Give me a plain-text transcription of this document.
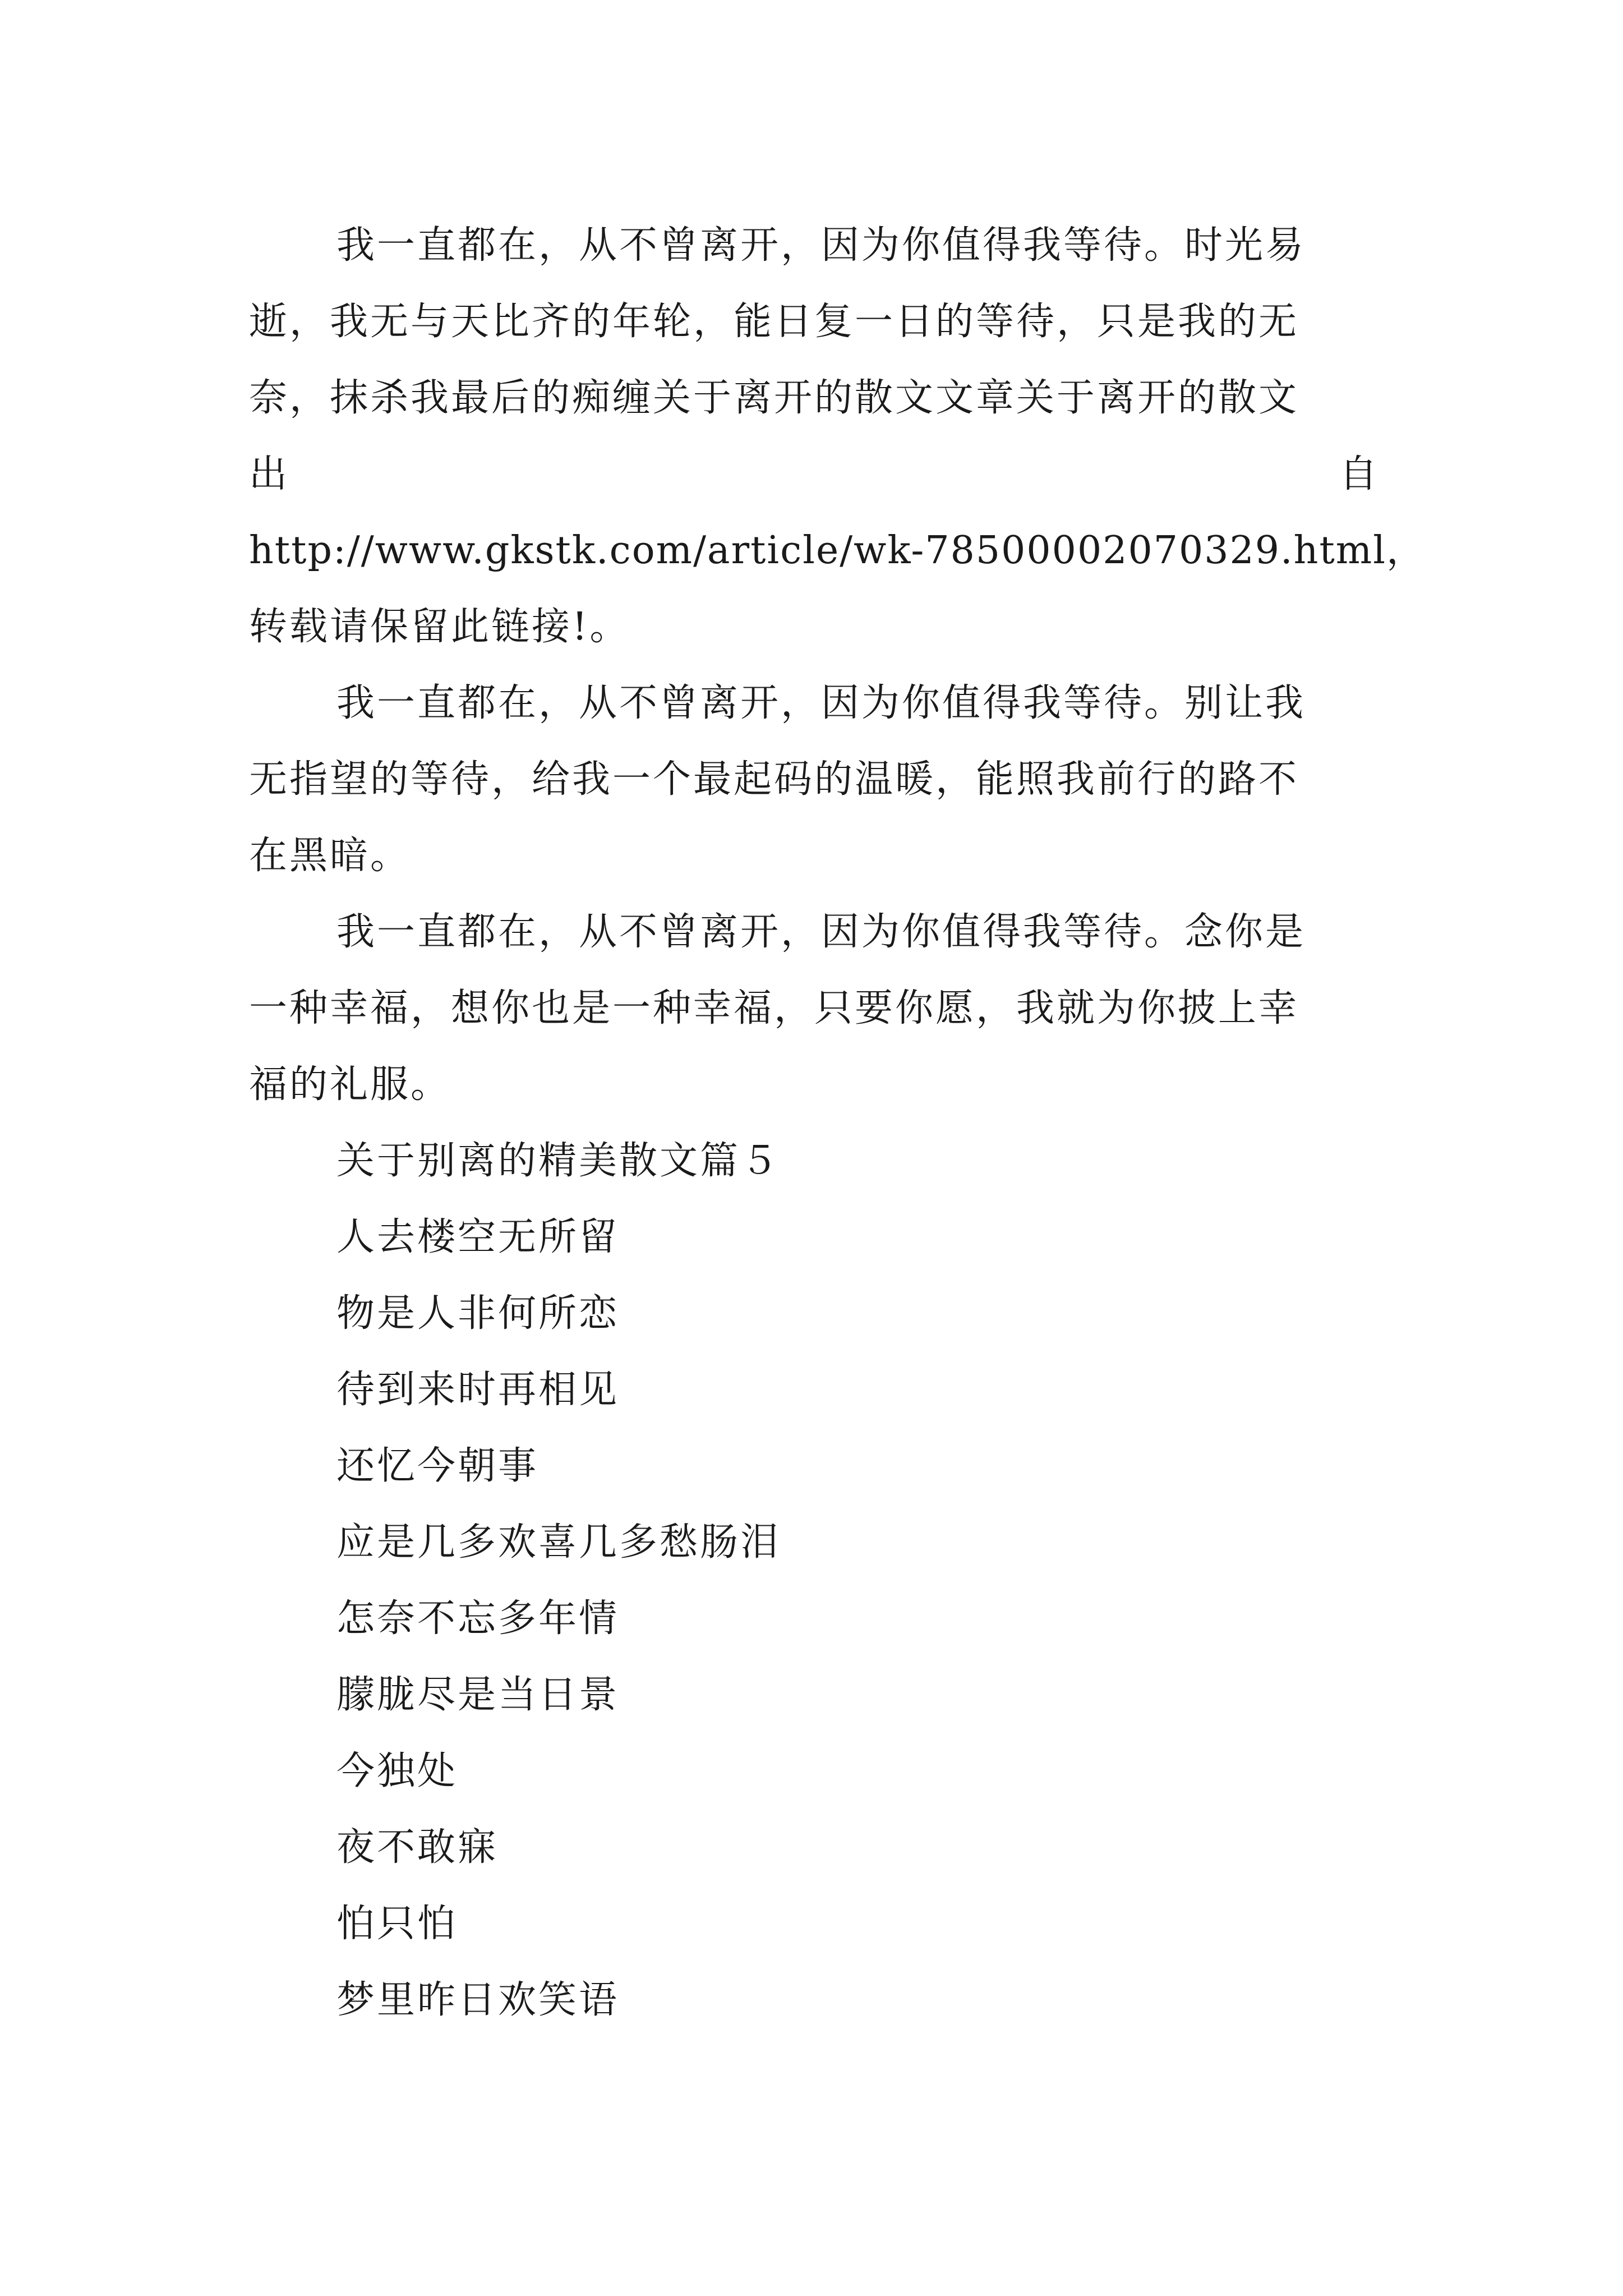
我一直都在，从不曾离开，因为你值得我等待。时光易
逝，我无与天比齐的年轮，能日复一日的等待，只是我的无
奈，抹杀我最后的痴缠关于离开的散文文章关于离开的散文
出	自
http://www.gkstk.com/article/wk-78500002070329.html，
转载请保留此链接!。
我一直都在，从不曾离开，因为你值得我等待。别让我
无指望的等待，给我一个最起码的温暖，能照我前行的路不
在黑暗。
我一直都在，从不曾离开，因为你值得我等待。念你是
一种幸福，想你也是一种幸福，只要你愿，我就为你披上幸
福的礼服。
关于别离的精美散文篇５
人去楼空无所留
物是人非何所恋
待到来时再相见
还忆今朝事
应是几多欢喜几多愁肠泪
怎奈不忘多年情
朦胧尽是当日景
今独处
夜不敢寐
怕只怕
梦里昨日欢笑语
